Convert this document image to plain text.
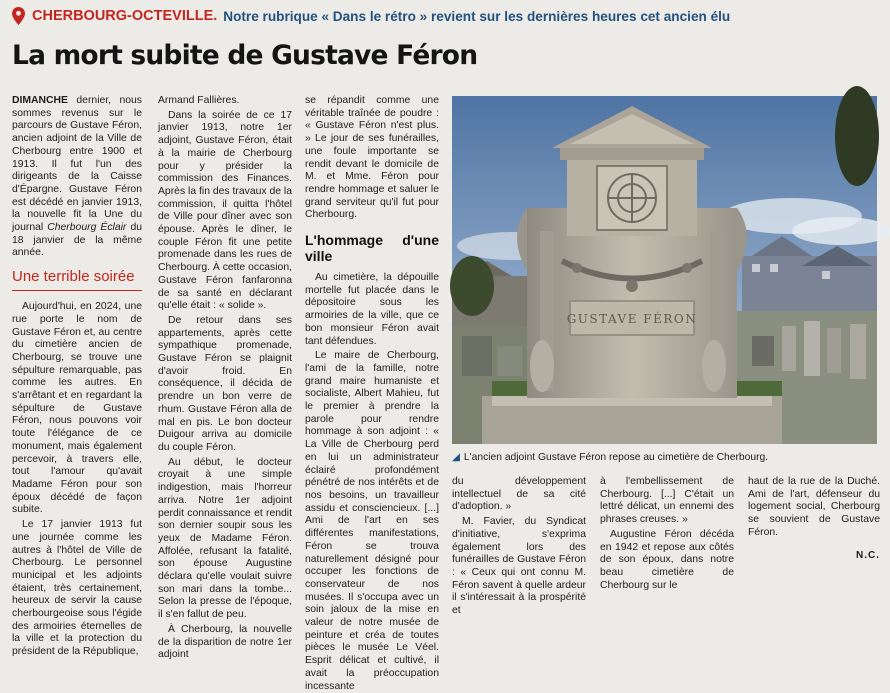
CHERBOURG-OCTEVILLE. Notre rubrique « Dans le rétro » revient sur les dernières heures cet ancien élu
La mort subite de Gustave Féron

DIMANCHE dernier, nous sommes revenus sur le parcours de Gustave Féron, ancien adjoint de la Ville de Cherbourg entre 1900 et 1913. Il fut l'un des dirigeants de la Caisse d'Épargne. Gustave Féron est décédé en janvier 1913, la nouvelle fit la Une du journal Cherbourg Éclair du 18 janvier de la même année.

Une terrible soirée

Aujourd'hui, en 2024, une rue porte le nom de Gustave Féron et, au centre du cimetière ancien de Cherbourg, se trouve une sépulture remarquable, pas comme les autres. En s'arrêtant et en regardant la sépulture de Gustave Féron, nous pouvons voir toute l'élégance de ce monument, mais également percevoir, à travers elle, tout l'amour qu'avait Madame Féron pour son époux décédé de façon subite.

Le 17 janvier 1913 fut une journée comme les autres à l'hôtel de Ville de Cherbourg. Le personnel municipal et les adjoints étaient, très certainement, heureux de servir la cause cherbourgeoise sous l'égide des armoiries éternelles de la ville et la protection du président de la République,

Armand Fallières.

Dans la soirée de ce 17 janvier 1913, notre 1er adjoint, Gustave Féron, était à la mairie de Cherbourg pour y présider la commission des Finances. Après la fin des travaux de la commission, il quitta l'hôtel de Ville pour dîner avec son épouse. Après le dîner, le couple Féron fit une petite promenade dans les rues de Cherbourg. À cette occasion, Gustave Féron fanfaronna de sa santé en déclarant qu'elle était : « solide ».

De retour dans ses appartements, après cette sympathique promenade, Gustave Féron se plaignit d'avoir froid. En conséquence, il décida de prendre un bon verre de rhum. Gustave Féron alla de mal en pis. Le bon docteur Duigour arriva au domicile du couple Féron.

Au début, le docteur croyait à une simple indigestion, mais l'horreur arriva. Notre 1er adjoint perdit connaissance et rendit son dernier soupir sous les yeux de Madame Féron. Affolée, refusant la fatalité, son épouse Augustine déclara qu'elle voulait suivre son mari dans la tombe... Selon la presse de l'époque, il s'en fallut de peu.

À Cherbourg, la nouvelle de la disparition de notre 1er adjoint

se répandit comme une véritable traînée de poudre : « Gustave Féron n'est plus. » Le jour de ses funérailles, une foule importante se rendit devant le domicile de M. et Mme. Féron pour rendre hommage et saluer le grand serviteur qu'il fut pour Cherbourg.

L'hommage d'une ville

Au cimetière, la dépouille mortelle fut placée dans le dépositoire sous les armoiries de la ville, que ce bon monsieur Féron avait tant défendues.

Le maire de Cherbourg, l'ami de la famille, notre grand maire humaniste et socialiste, Albert Mahieu, fut le premier à prendre la parole pour rendre hommage à son adjoint : « La Ville de Cherbourg perd en lui un administrateur éclairé profondément pénétré de nos intérêts et de nos besoins, un travailleur assidu et consciencieux. [...] Ami de l'art en ses différentes manifestations, Féron se trouva naturellement désigné pour occuper les fonctions de conservateur de nos musées. Il s'occupa avec un soin jaloux de la mise en valeur de notre musée de peinture et créa de toutes pièces le musée Le Véel. Esprit délicat et cultivé, il avait la préoccupation incessante

GUSTAVE FÉRON
◢ L'ancien adjoint Gustave Féron repose au cimetière de Cherbourg.

du développement intellectuel de sa cité d'adoption. »

M. Favier, du Syndicat d'initiative, s'exprima également lors des funérailles de Gustave Féron : « Ceux qui ont connu M. Féron savent à quelle ardeur il s'intéressait à la prospérité et

à l'embellissement de Cherbourg. [...] C'était un lettré délicat, un ennemi des phrases creuses. »

Augustine Féron décéda en 1942 et repose aux côtés de son époux, dans notre beau cimetière de Cherbourg sur le

haut de la rue de la Duché. Ami de l'art, défenseur du logement social, Cherbourg se souvient de Gustave Féron.

N.C.
